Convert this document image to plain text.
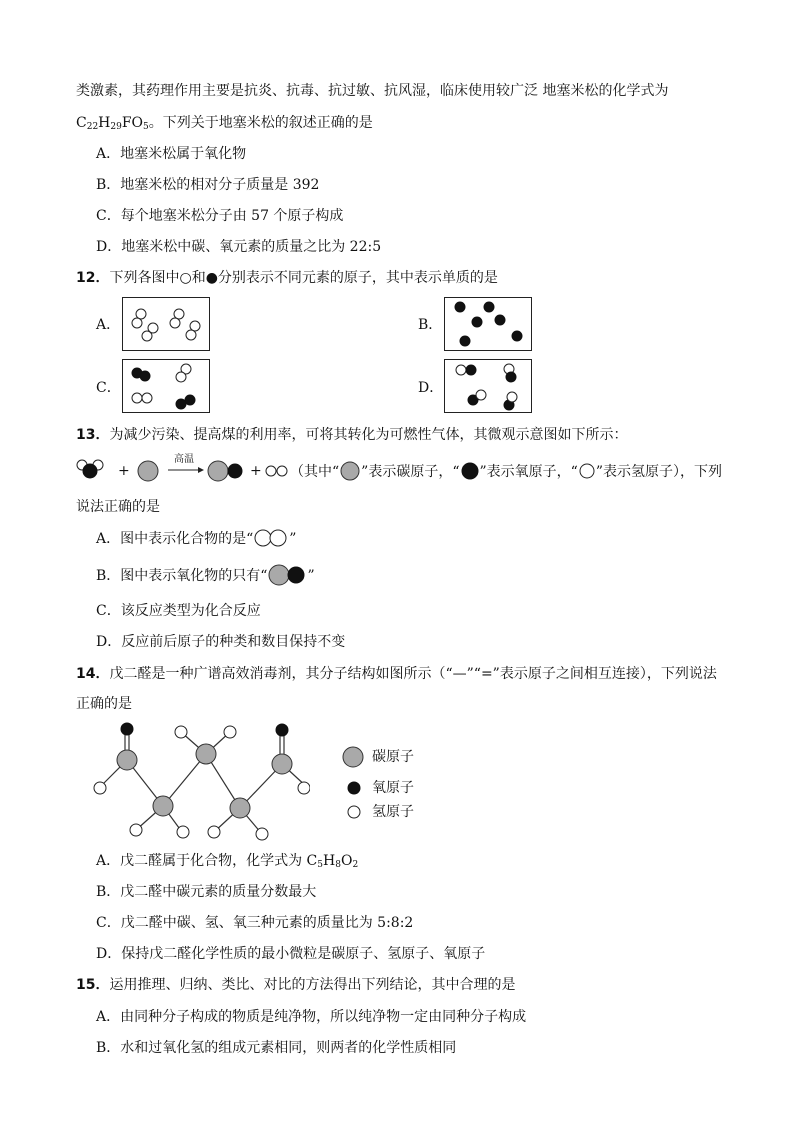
类激素，其药理作用主要是抗炎、抗毒、抗过敏、抗风湿，临床使用较广泛 地塞米松的化学式为
$C_{22}H_{29}FO_5$。下列关于地塞米松的叙述正确的是
A．地塞米松属于氧化物
B．地塞米松的相对分子质量是 392
C．每个地塞米松分子由 57 个原子构成
D．地塞米松中碳、氧元素的质量之比为 22:5
12．下列各图中○和●分别表示不同元素的原子，其中表示单质的是
A．	B．
C．	D．
13．为减少污染、提高煤的利用率，可将其转化为可燃性气体，其微观示意图如下所示：
+
高温
+ （其中“ ”表示碳原子，“ ”表示氧原子，“ ”表示氢原子），下列
说法正确的是
A．图中表示化合物的是“	”
B．图中表示氧化物的只有“	”
C．该反应类型为化合反应
D．反应前后原子的种类和数目保持不变
14．戊二醛是一种广谱高效消毒剂，其分子结构如图所示（“—”“=”表示原子之间相互连接），下列说法
正确的是
碳原子
氧原子
氢原子
A．戊二醛属于化合物，化学式为 $C_5H_8O_2$
B．戊二醛中碳元素的质量分数最大
C．戊二醛中碳、氢、氧三种元素的质量比为 5:8:2
D．保持戊二醛化学性质的最小微粒是碳原子、氢原子、氧原子
15．运用推理、归纳、类比、对比的方法得出下列结论，其中合理的是
A．由同种分子构成的物质是纯净物，所以纯净物一定由同种分子构成
B．水和过氧化氢的组成元素相同，则两者的化学性质相同
